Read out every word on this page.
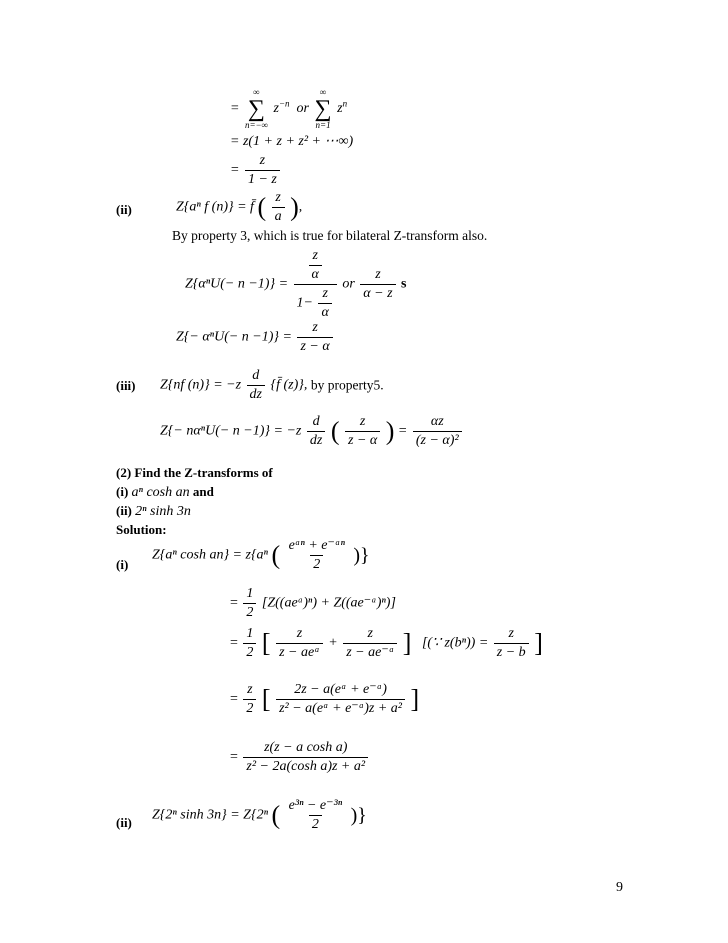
=
∞
∑
n=−∞
$z^{-n}$ or
∞
∑
n=1
$z^n$
= z(1 + z + z² + ⋯∞)
= $\frac{z}{1 - z}$
(ii)	Z{aⁿ f (n)} = f̄ ( $\frac{z}{a}$ ),
By property 3, which is true for bilateral Z-transform also.
$Z\{\alpha^nU(- n -1)\} = \frac{\frac{z}{\alpha}}{1- \frac{z}{\alpha}}$ or $\frac{z}{\alpha - z}$ s
$Z\{- \alpha^nU(- n -1)\} = \frac{z}{z - \alpha}$
(iii) Z{nf $(n)\} = -z \frac{d}{dz}$ {f̄ (z)}, by property5.
$Z\{- n\alpha^nU(- n -1)\} = -z \frac{d}{dz}$ ( $\frac{z}{z - \alpha}$ ) = $\frac{\alpha z}{\text{(z − α)²}}$
(2) Find the Z-transforms of
(i) aⁿ cosh an and
(ii) 2ⁿ sinh 3n
Solution:
(i)
Z{aⁿ cosh an} = z{aⁿ ( $\frac{\text{eᵃⁿ + e⁻ᵃⁿ}}{2}$ )}
= $\frac{1}{2}$ [Z((aeᵃ)ⁿ) + Z((ae⁻ᵃ)ⁿ)]
= $\frac{1}{2}$ [ $\frac{z}{\text{z − aeᵃ}} + \frac{z}{\text{z − ae⁻ᵃ}}$ ] [(∵ $z(b^n)) = \frac{z}{z - b}$ ]
= $\frac{z}{2}$ [ $\frac{\text{2z − a(eᵃ + e⁻ᵃ)}}{\text{z² − a(eᵃ + e⁻ᵃ)z + a²}}$ ]
= $\frac{\text{z(z − a cosh a)}}{\text{z² − 2a(cosh a)z + a²}}$
(ii) Z{2ⁿ sinh 3n} = Z{2ⁿ ( $\frac{\text{e³ⁿ − e⁻³ⁿ}}{2}$ )}
9
